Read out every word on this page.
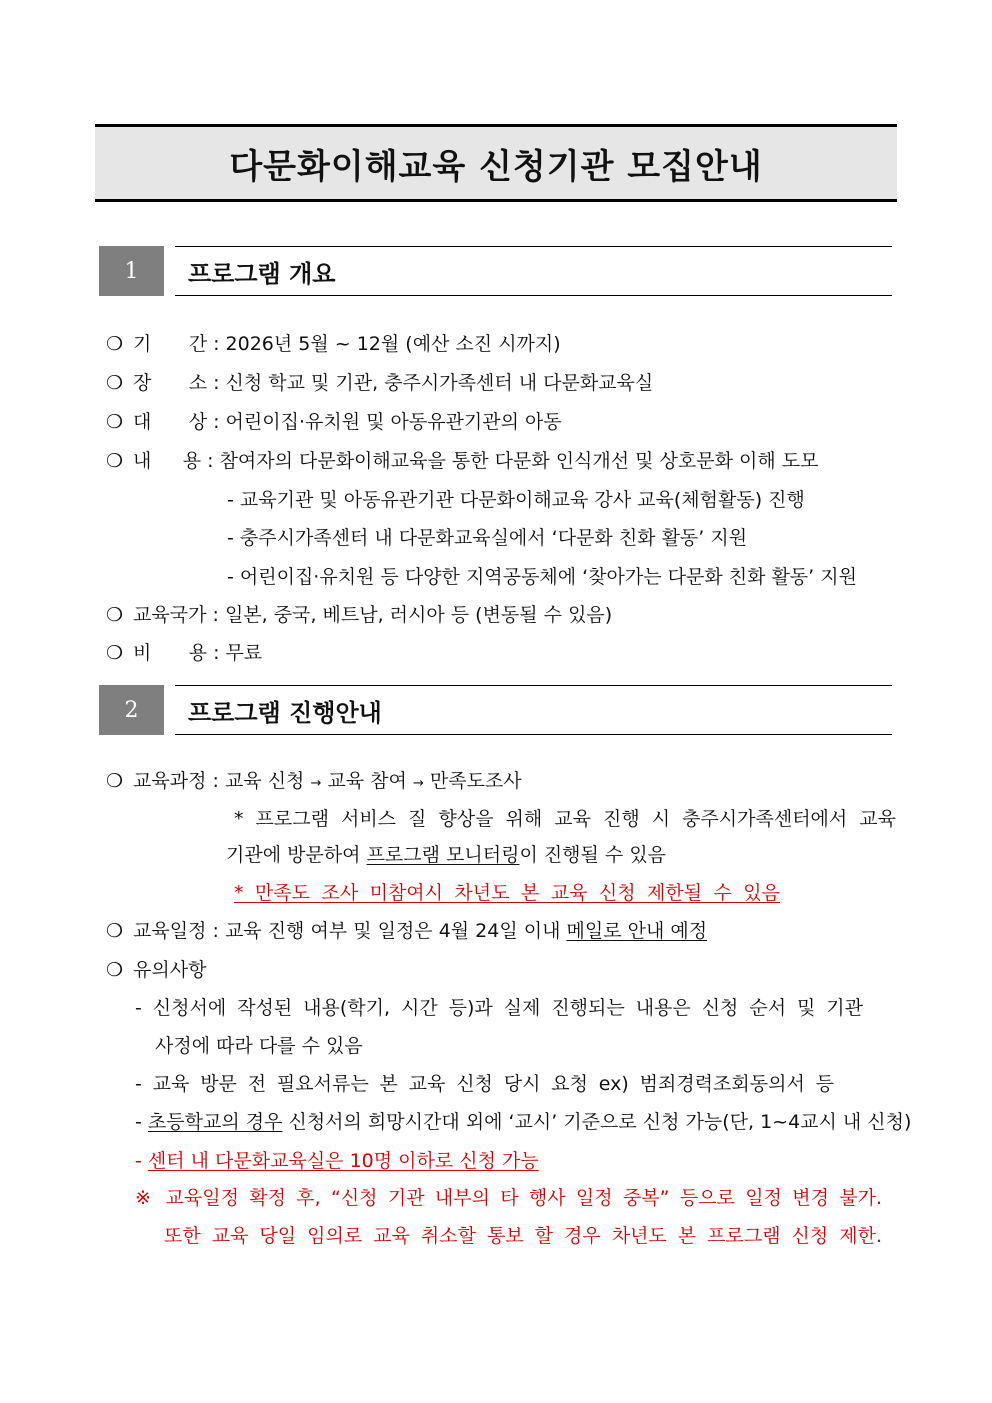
다문화이해교육 신청기관 모집안내
1	프로그램 개요
❍ 기 간 : 2026년 5월 ~ 12월 (예산 소진 시까지)
❍ 장 소 : 신청 학교 및 기관, 충주시가족센터 내 다문화교육실
❍ 대 상 : 어린이집·유치원 및 아동유관기관의 아동
❍ 내 용 : 참여자의 다문화이해교육을 통한 다문화 인식개선 및 상호문화 이해 도모
- 교육기관 및 아동유관기관 다문화이해교육 강사 교육(체험활동) 진행
- 충주시가족센터 내 다문화교육실에서 ‘다문화 친화 활동’ 지원
- 어린이집·유치원 등 다양한 지역공동체에 ‘찾아가는 다문화 친화 활동’ 지원
❍ 교육국가 : 일본, 중국, 베트남, 러시아 등 (변동될 수 있음)
❍ 비 용 : 무료
2	프로그램 진행안내
❍ 교육과정 : 교육 신청 → 교육 참여 → 만족도조사
* 프로그램 서비스 질 향상을 위해 교육 진행 시 충주시가족센터에서 교육
기관에 방문하여 프로그램 모니터링이 진행될 수 있음
* 만족도 조사 미참여시 차년도 본 교육 신청 제한될 수 있음
❍ 교육일정 : 교육 진행 여부 및 일정은 4월 24일 이내 메일로 안내 예정
❍ 유의사항
- 신청서에 작성된 내용(학기, 시간 등)과 실제 진행되는 내용은 신청 순서 및 기관
사정에 따라 다를 수 있음
- 교육 방문 전 필요서류는 본 교육 신청 당시 요청 ex) 범죄경력조회동의서 등
- 초등학교의 경우 신청서의 희망시간대 외에 ‘교시’ 기준으로 신청 가능(단, 1~4교시 내 신청)
- 센터 내 다문화교육실은 10명 이하로 신청 가능
※ 교육일정 확정 후, “신청 기관 내부의 타 행사 일정 중복” 등으로 일정 변경 불가.
또한 교육 당일 임의로 교육 취소할 통보 할 경우 차년도 본 프로그램 신청 제한.
